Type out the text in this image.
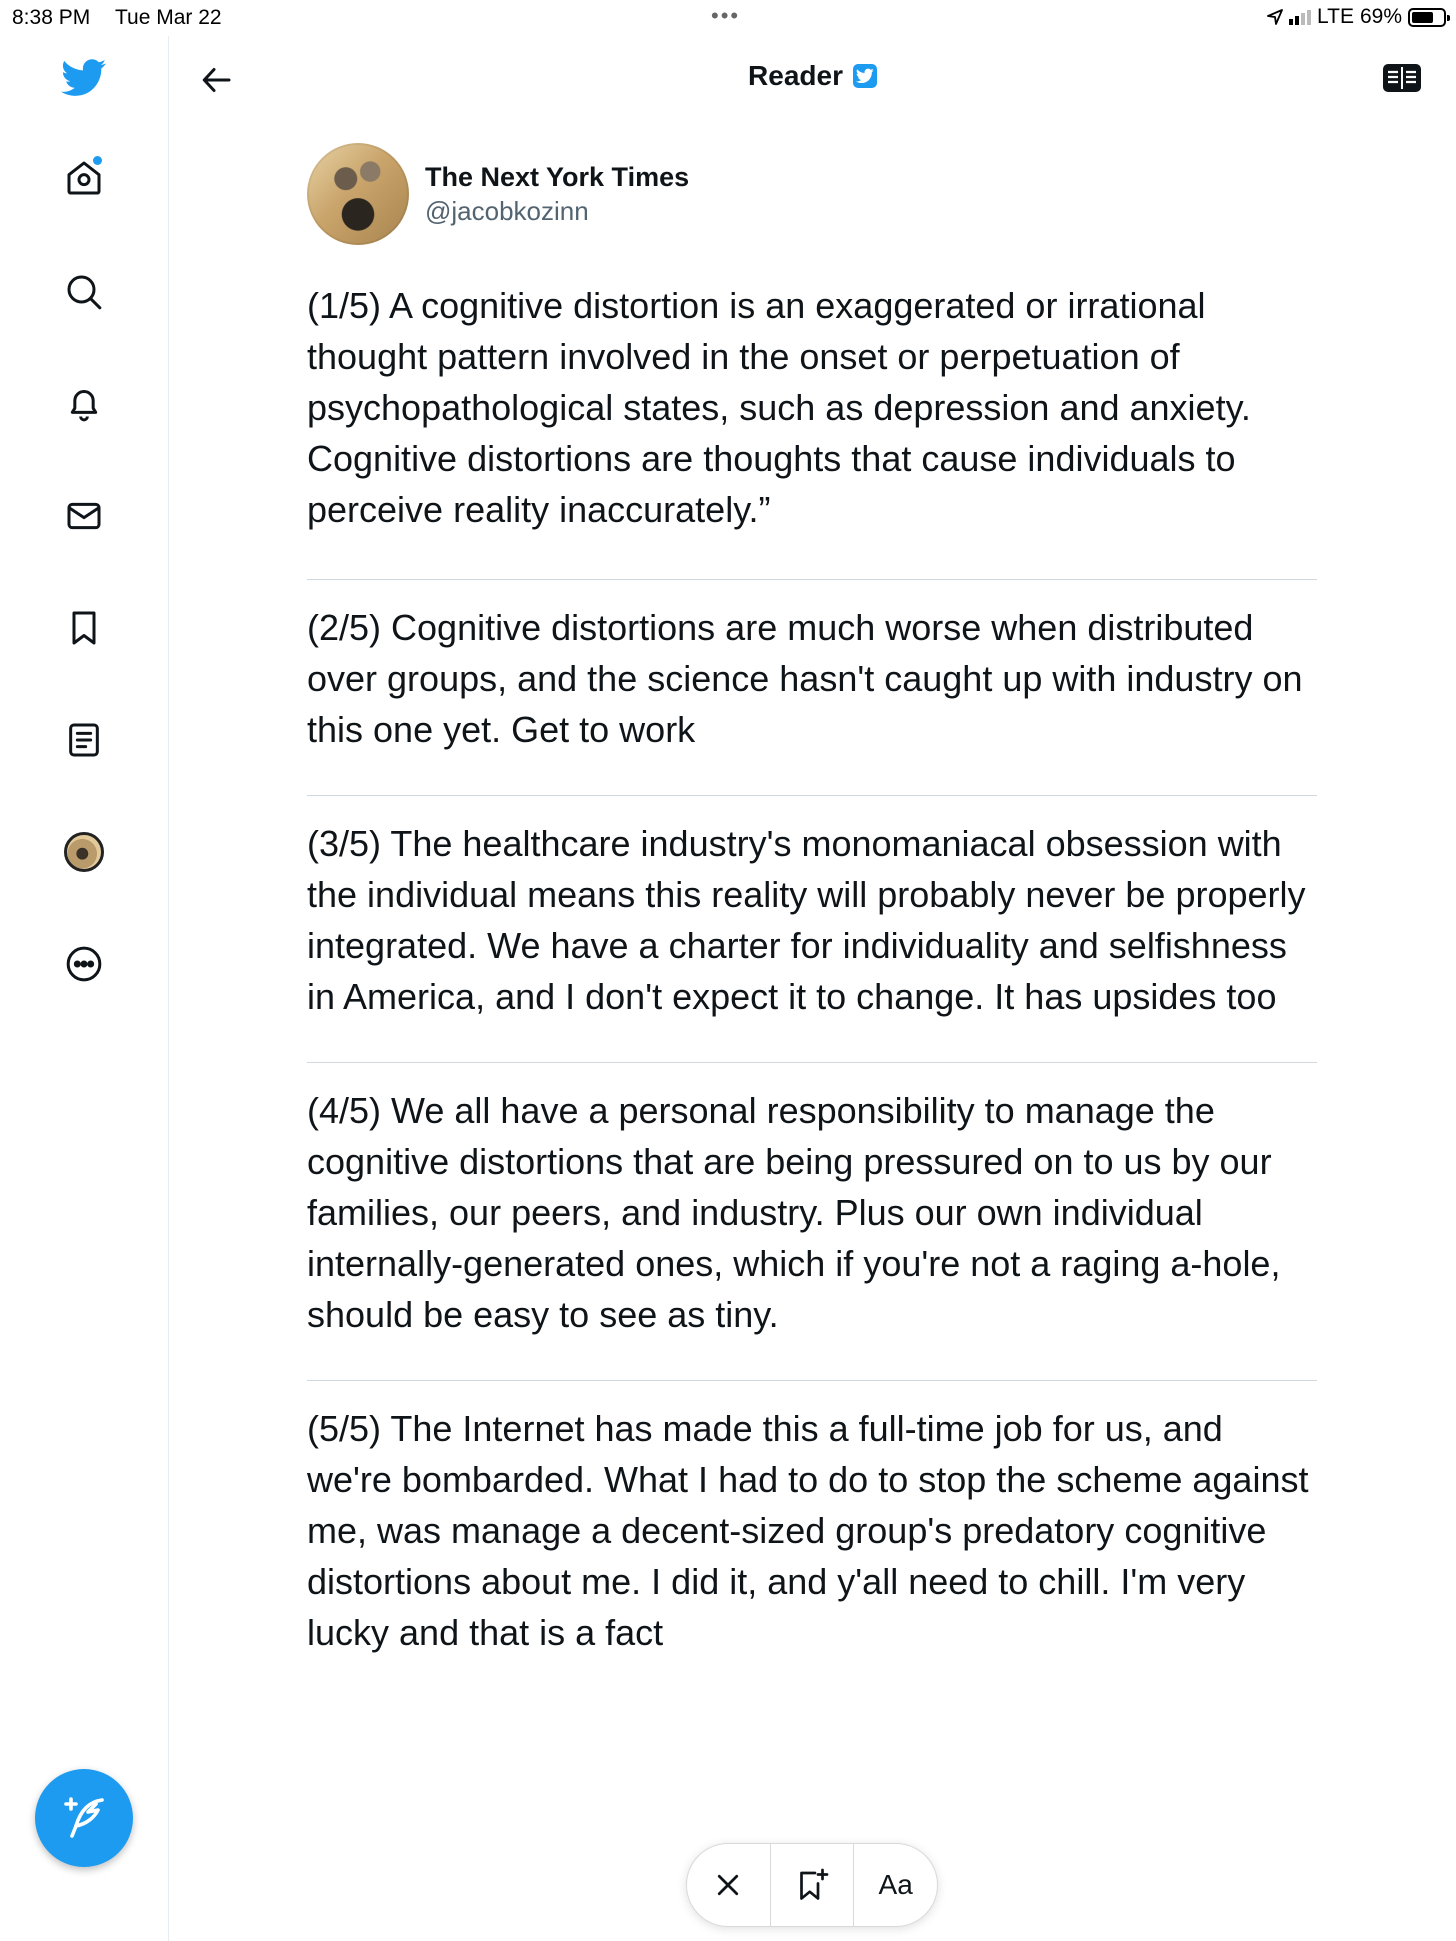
8:38 PM Tue Mar 22	•••	LTE 69%
Reader
The Next York Times
@jacobkozinn
(1/5) A cognitive distortion is an exaggerated or irrational thought pattern involved in the onset or perpetuation of psychopathological states, such as depression and anxiety. Cognitive distortions are thoughts that cause individuals to perceive reality inaccurately.”
(2/5) Cognitive distortions are much worse when distributed over groups, and the science hasn't caught up with industry on this one yet. Get to work
(3/5) The healthcare industry's monomaniacal obsession with the individual means this reality will probably never be properly integrated. We have a charter for individuality and selfishness in America, and I don't expect it to change. It has upsides too
(4/5) We all have a personal responsibility to manage the cognitive distortions that are being pressured on to us by our families, our peers, and industry. Plus our own individual internally-generated ones, which if you're not a raging a-hole, should be easy to see as tiny.
(5/5) The Internet has made this a full-time job for us, and we're bombarded. What I had to do to stop the scheme against me, was manage a decent-sized group's predatory cognitive distortions about me. I did it, and y'all need to chill. I'm very lucky and that is a fact
Aa
